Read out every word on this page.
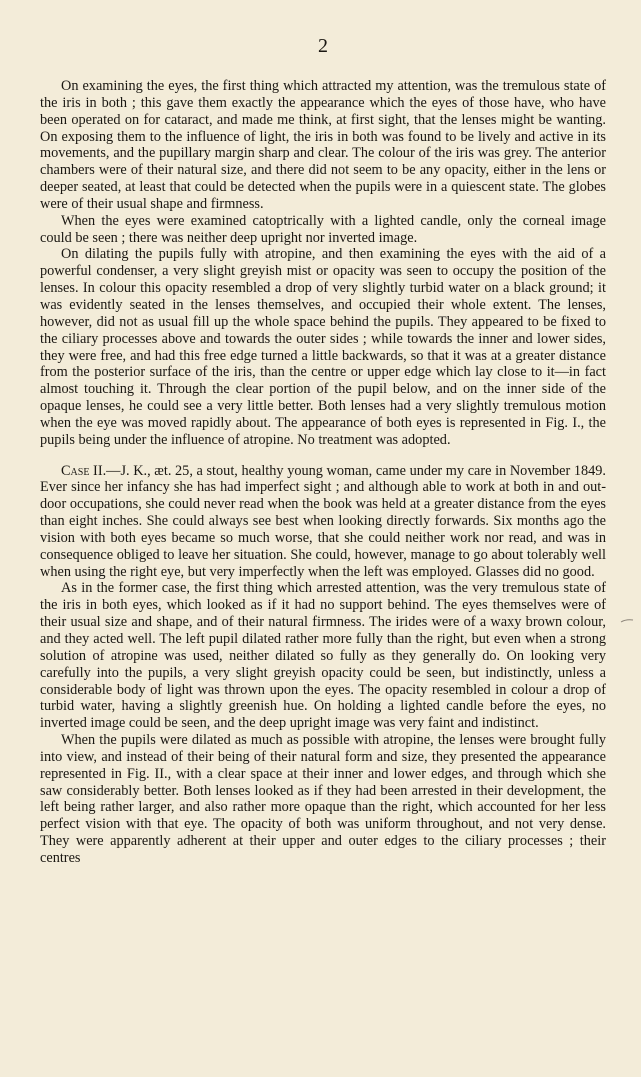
2

On examining the eyes, the first thing which attracted my attention, was the tremulous state of the iris in both ; this gave them exactly the appearance which the eyes of those have, who have been operated on for cataract, and made me think, at first sight, that the lenses might be wanting. On exposing them to the influence of light, the iris in both was found to be lively and active in its movements, and the pupillary margin sharp and clear. The colour of the iris was grey. The anterior chambers were of their natural size, and there did not seem to be any opacity, either in the lens or deeper seated, at least that could be detected when the pupils were in a quiescent state. The globes were of their usual shape and firmness.

When the eyes were examined catoptrically with a lighted candle, only the corneal image could be seen ; there was neither deep upright nor inverted image.

On dilating the pupils fully with atropine, and then examining the eyes with the aid of a powerful condenser, a very slight greyish mist or opacity was seen to occupy the position of the lenses. In colour this opacity resembled a drop of very slightly turbid water on a black ground; it was evidently seated in the lenses themselves, and occupied their whole extent. The lenses, however, did not as usual fill up the whole space behind the pupils. They appeared to be fixed to the ciliary processes above and towards the outer sides ; while towards the inner and lower sides, they were free, and had this free edge turned a little backwards, so that it was at a greater distance from the posterior surface of the iris, than the centre or upper edge which lay close to it—in fact almost touching it. Through the clear portion of the pupil below, and on the inner side of the opaque lenses, he could see a very little better. Both lenses had a very slightly tremulous motion when the eye was moved rapidly about. The appearance of both eyes is represented in Fig. I., the pupils being under the influence of atropine. No treatment was adopted.

Case II.—J. K., æt. 25, a stout, healthy young woman, came under my care in November 1849. Ever since her infancy she has had imperfect sight ; and although able to work at both in and out-door occupations, she could never read when the book was held at a greater distance from the eyes than eight inches. She could always see best when looking directly forwards. Six months ago the vision with both eyes became so much worse, that she could neither work nor read, and was in consequence obliged to leave her situation. She could, however, manage to go about tolerably well when using the right eye, but very imperfectly when the left was employed. Glasses did no good.

As in the former case, the first thing which arrested attention, was the very tremulous state of the iris in both eyes, which looked as if it had no support behind. The eyes themselves were of their usual size and shape, and of their natural firmness. The irides were of a waxy brown colour, and they acted well. The left pupil dilated rather more fully than the right, but even when a strong solution of atropine was used, neither dilated so fully as they generally do. On looking very carefully into the pupils, a very slight greyish opacity could be seen, but indistinctly, unless a considerable body of light was thrown upon the eyes. The opacity resembled in colour a drop of turbid water, having a slightly greenish hue. On holding a lighted candle before the eyes, no inverted image could be seen, and the deep upright image was very faint and indistinct.

When the pupils were dilated as much as possible with atropine, the lenses were brought fully into view, and instead of their being of their natural form and size, they presented the appearance represented in Fig. II., with a clear space at their inner and lower edges, and through which she saw considerably better. Both lenses looked as if they had been arrested in their development, the left being rather larger, and also rather more opaque than the right, which accounted for her less perfect vision with that eye. The opacity of both was uniform throughout, and not very dense. They were apparently adherent at their upper and outer edges to the ciliary processes ; their centres
